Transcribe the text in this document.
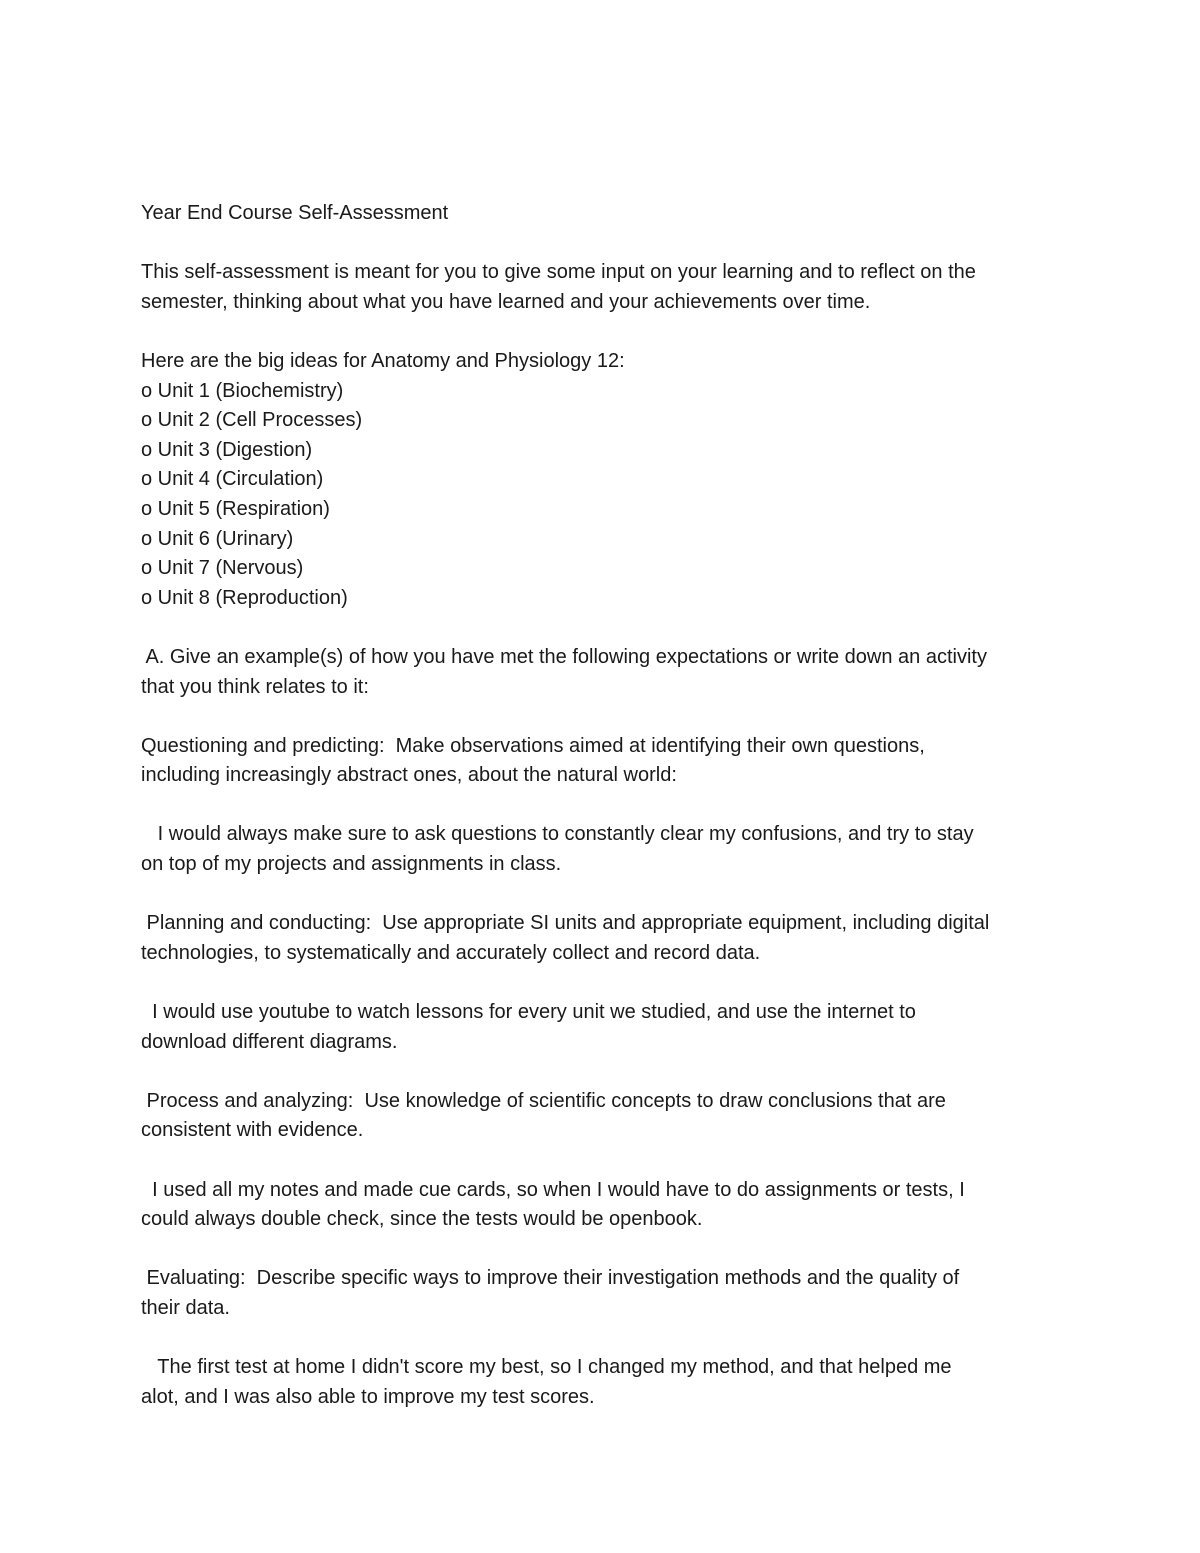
Year End Course Self-Assessment
This self-assessment is meant for you to give some input on your learning and to reflect on the
semester, thinking about what you have learned and your achievements over time.
Here are the big ideas for Anatomy and Physiology 12:
o Unit 1 (Biochemistry)
o Unit 2 (Cell Processes)
o Unit 3 (Digestion)
o Unit 4 (Circulation)
o Unit 5 (Respiration)
o Unit 6 (Urinary)
o Unit 7 (Nervous)
o Unit 8 (Reproduction)
A. Give an example(s) of how you have met the following expectations or write down an activity
that you think relates to it:
Questioning and predicting:  Make observations aimed at identifying their own questions,
including increasingly abstract ones, about the natural world:
I would always make sure to ask questions to constantly clear my confusions, and try to stay
on top of my projects and assignments in class.
Planning and conducting:  Use appropriate SI units and appropriate equipment, including digital
technologies, to systematically and accurately collect and record data.
I would use youtube to watch lessons for every unit we studied, and use the internet to
download different diagrams.
Process and analyzing:  Use knowledge of scientific concepts to draw conclusions that are
consistent with evidence.
I used all my notes and made cue cards, so when I would have to do assignments or tests, I
could always double check, since the tests would be openbook.
Evaluating:  Describe specific ways to improve their investigation methods and the quality of
their data.
The first test at home I didn't score my best, so I changed my method, and that helped me
alot, and I was also able to improve my test scores.
